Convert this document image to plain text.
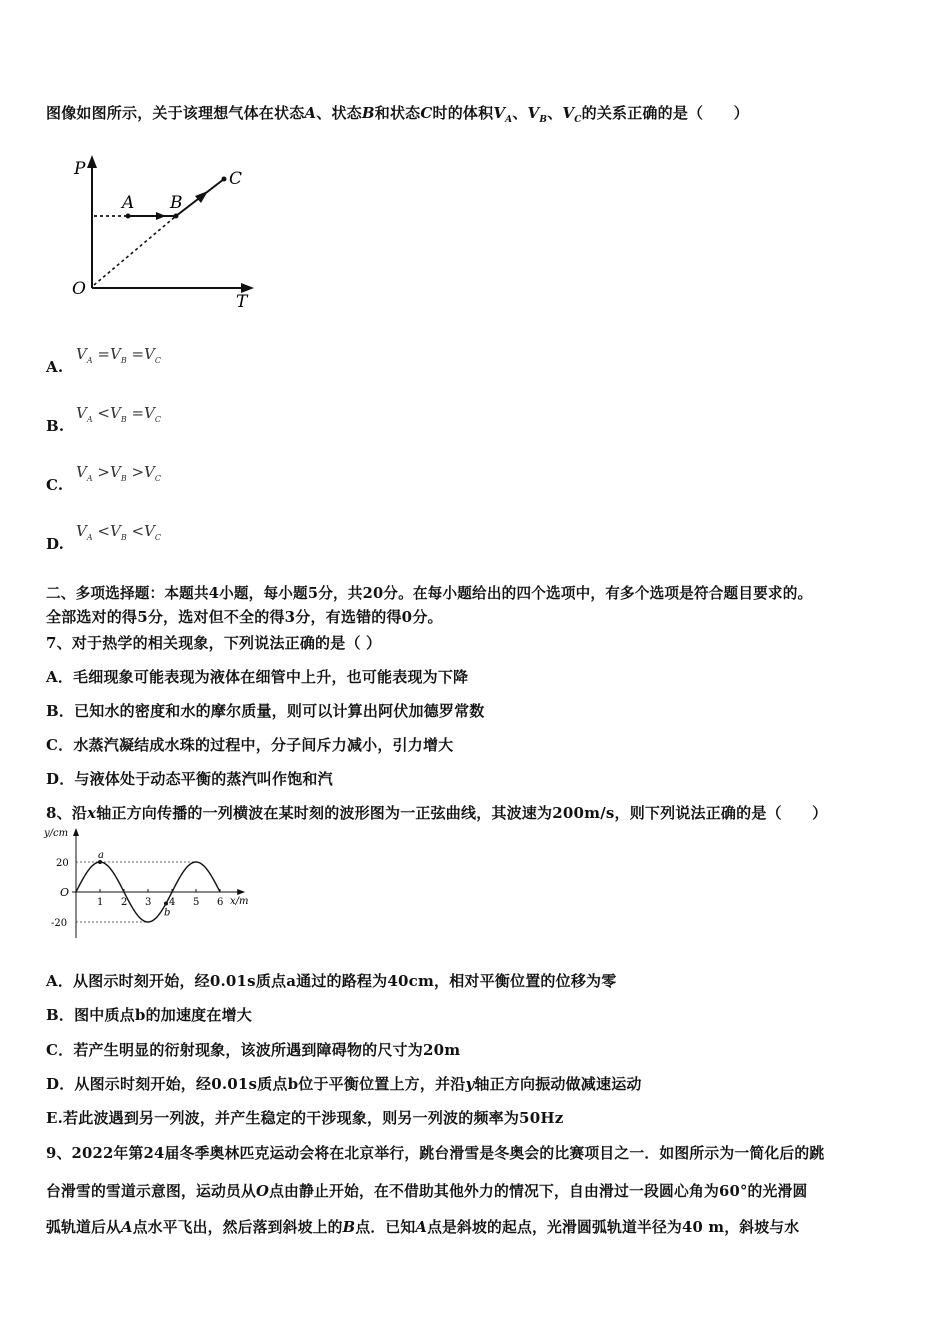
图像如图所示，关于该理想气体在状态A、状态B和状态C时的体积$V_A$、$V_B$、$V_C$的关系正确的是（　　）
P
T
O
A B
C
A.
$V_A =V_B =V_C$
B.
$V_A <V_B =V_C$
C.
$V_A >V_B >V_C$
D.
$V_A <V_B <V_C$
二、多项选择题：本题共4小题，每小题5分，共20分。在每小题给出的四个选项中，有多个选项是符合题目要求的。
全部选对的得5分，选对但不全的得3分，有选错的得0分。
7、对于热学的相关现象，下列说法正确的是（ ）
A．毛细现象可能表现为液体在细管中上升，也可能表现为下降
B．已知水的密度和水的摩尔质量，则可以计算出阿伏加德罗常数
C．水蒸汽凝结成水珠的过程中，分子间斥力减小，引力增大
D．与液体处于动态平衡的蒸汽叫作饱和汽
8、沿x轴正方向传播的一列横波在某时刻的波形图为一正弦曲线，其波速为200m/s，则下列说法正确的是（　　）
a
b
y/cm
x/m
O
20
-20
1 2 3 4 5 6
A．从图示时刻开始，经0.01s质点a通过的路程为40cm，相对平衡位置的位移为零
B．图中质点b的加速度在增大
C．若产生明显的衍射现象，该波所遇到障碍物的尺寸为20m
D．从图示时刻开始，经0.01s质点b位于平衡位置上方，并沿y轴正方向振动做减速运动
E.若此波遇到另一列波，并产生稳定的干涉现象，则另一列波的频率为50Hz
9、2022年第24届冬季奥林匹克运动会将在北京举行，跳台滑雪是冬奥会的比赛项目之一．如图所示为一简化后的跳
台滑雪的雪道示意图，运动员从O点由静止开始，在不借助其他外力的情况下，自由滑过一段圆心角为60°的光滑圆
弧轨道后从A点水平飞出，然后落到斜坡上的B点．已知A点是斜坡的起点，光滑圆弧轨道半径为40 m，斜坡与水
